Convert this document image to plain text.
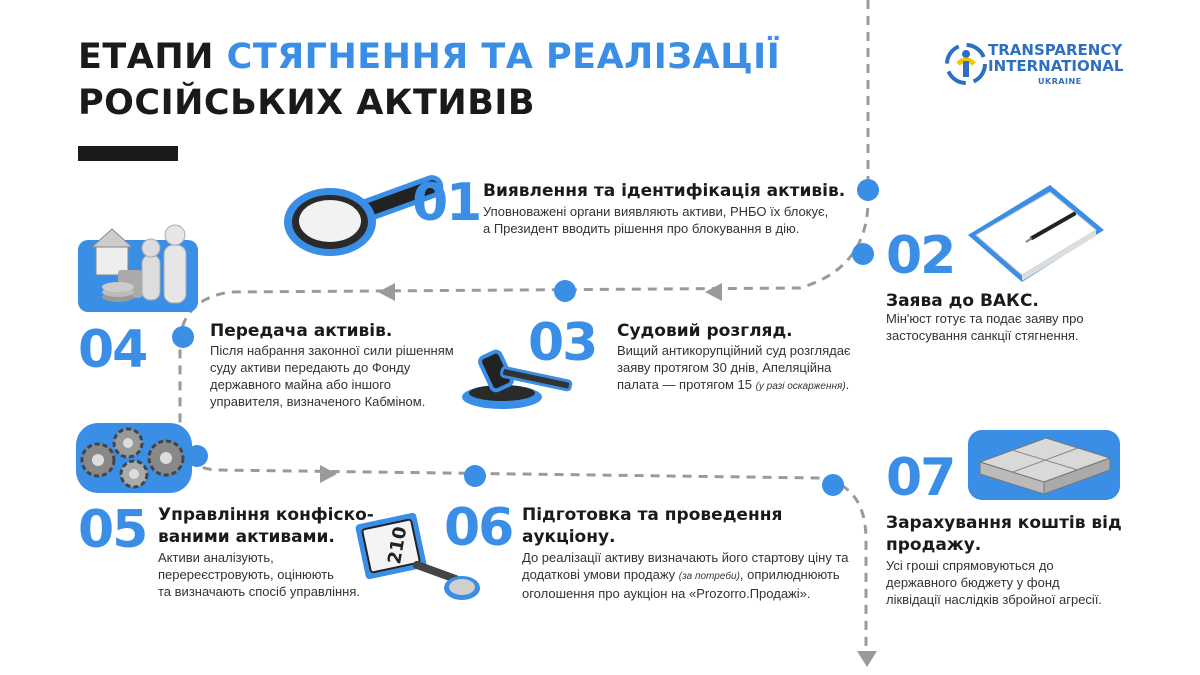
210
ЕТАПИ СТЯГНЕННЯ ТА РЕАЛІЗАЦІЇ
РОСІЙСЬКИХ АКТИВІВ
TRANSPARENCY
INTERNATIONAL
UKRAINE
01 Виявлення та ідентифікація активів.
Уповноважені органи виявляють активи, РНБО їх блокує,
а Президент вводить рішення про блокування в дію.	02
Заява до ВАКС.
Мін'юст готує та подає заяву про
застосування санкції стягнення.
03 Судовий розгляд.
Вищий антикорупційний суд розглядає
заяву протягом 30 днів, Апеляційна
палата — протягом 15 (у разі оскарження).
04	Передача активів.
Після набрання законної сили рішенням
суду активи передають до Фонду
державного майна або іншого
управителя, визначеного Кабміном.
05 Управління конфіско-
ваними активами.
Активи аналізують,
перереєстровують, оцінюють
та визначають спосіб управління.
06 Підготовка та проведення
аукціону.
До реалізації активу визначають його стартову ціну та
додаткові умови продажу (за потреби), оприлюднюють
оголошення про аукціон на «Prozorro.Продажі».
07
Зарахування коштів від
продажу.
Усі гроші спрямовуються до
державного бюджету у фонд
ліквідації наслідків збройної агресії.
